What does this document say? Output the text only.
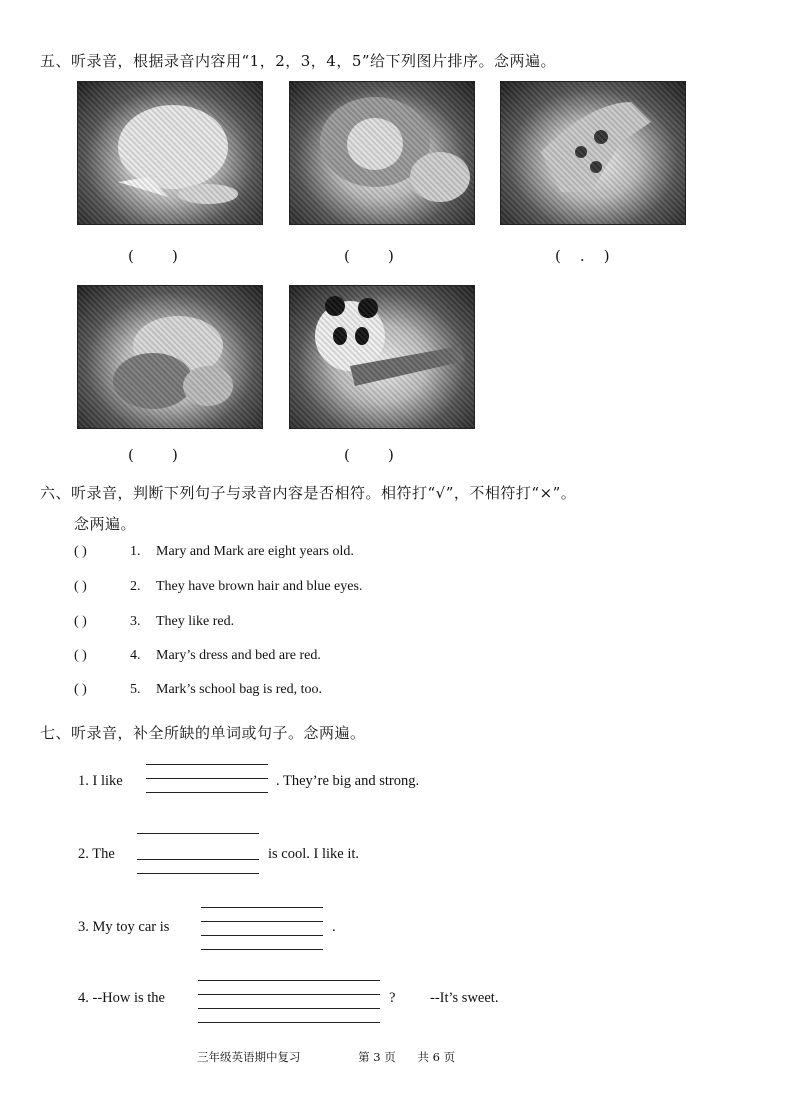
五、听录音，根据录音内容用“1，2，3，4，5”给下列图片排序。念两遍。
(        )	(        )	(    .    )
(        )	(        )
六、听录音，判断下列句子与录音内容是否相符。相符打“√”，不相符打“×”。
念两遍。
( )	1. Mary and Mark are eight years old.
( )	2. They have brown hair and blue eyes.
( )	3. They like red.
( )	4. Mary’s dress and bed are red.
( )	5. Mark’s school bag is red, too.
七、听录音，补全所缺的单词或句子。念两遍。
1. I like	. They’re big and strong.
2. The	is cool. I like it.
3. My toy car is	.
4. --How is the	? --It’s sweet.
三年级英语期中复习	第 3 页 共 6 页
